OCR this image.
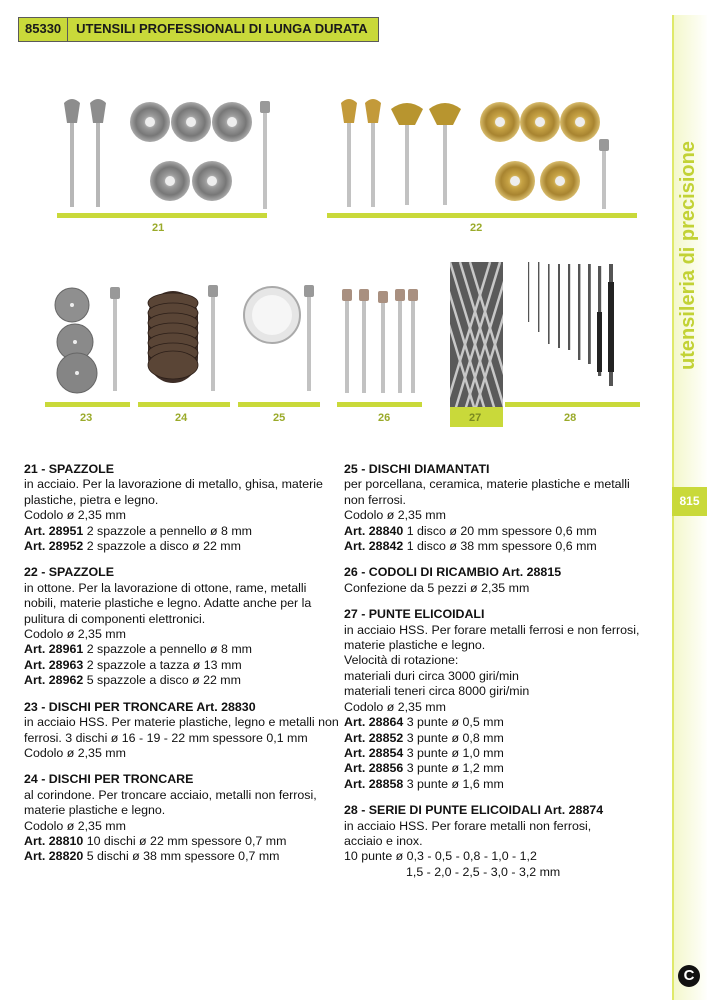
85330	UTENSILI PROFESSIONALI DI LUNGA DURATA
utensileria di precisione
815
C
21	22
23	24	25	26	27	28

21 - SPAZZOLE

in acciaio. Per la lavorazione di metallo, ghisa, materie

plastiche, pietra e legno.

Codolo ø 2,35 mm

Art. 28951 2 spazzole a pennello ø 8 mm

Art. 28952 2 spazzole a disco ø 22 mm

22 - SPAZZOLE

in ottone. Per la lavorazione di ottone, rame, metalli

nobili, materie plastiche e legno. Adatte anche per la

pulitura di componenti elettronici.

Codolo ø 2,35 mm

Art. 28961 2 spazzole a pennello ø 8 mm

Art. 28963 2 spazzole a tazza ø 13 mm

Art. 28962 5 spazzole a disco ø 22 mm

23 - DISCHI PER TRONCARE Art. 28830

in acciaio HSS. Per materie plastiche, legno e metalli non

ferrosi. 3 dischi ø 16 - 19 - 22 mm spessore 0,1 mm

Codolo ø 2,35 mm

24 - DISCHI PER TRONCARE

al corindone. Per troncare acciaio, metalli non ferrosi,

materie plastiche e legno.

Codolo ø 2,35 mm

Art. 28810 10 dischi ø 22 mm spessore 0,7 mm

Art. 28820 5 dischi ø 38 mm spessore 0,7 mm

25 - DISCHI DIAMANTATI

per porcellana, ceramica, materie plastiche e metalli

non ferrosi.

Codolo ø 2,35 mm

Art. 28840 1 disco ø 20 mm spessore 0,6 mm

Art. 28842 1 disco ø 38 mm spessore 0,6 mm

26 - CODOLI DI RICAMBIO Art. 28815

Confezione da 5 pezzi ø 2,35 mm

27 - PUNTE ELICOIDALI

in acciaio HSS. Per forare metalli ferrosi e non ferrosi,

materie plastiche e legno.

Velocità di rotazione:

materiali duri circa 3000 giri/min

materiali teneri circa 8000 giri/min

Codolo ø 2,35 mm

Art. 28864 3 punte ø 0,5 mm

Art. 28852 3 punte ø 0,8 mm

Art. 28854 3 punte ø 1,0 mm

Art. 28856 3 punte ø 1,2 mm

Art. 28858 3 punte ø 1,6 mm

28 - SERIE DI PUNTE ELICOIDALI Art. 28874

in acciaio HSS. Per forare metalli non ferrosi,

acciaio e inox.

10 punte ø 0,3 - 0,5 - 0,8 - 1,0 - 1,2

1,5 - 2,0 - 2,5 - 3,0 - 3,2 mm
